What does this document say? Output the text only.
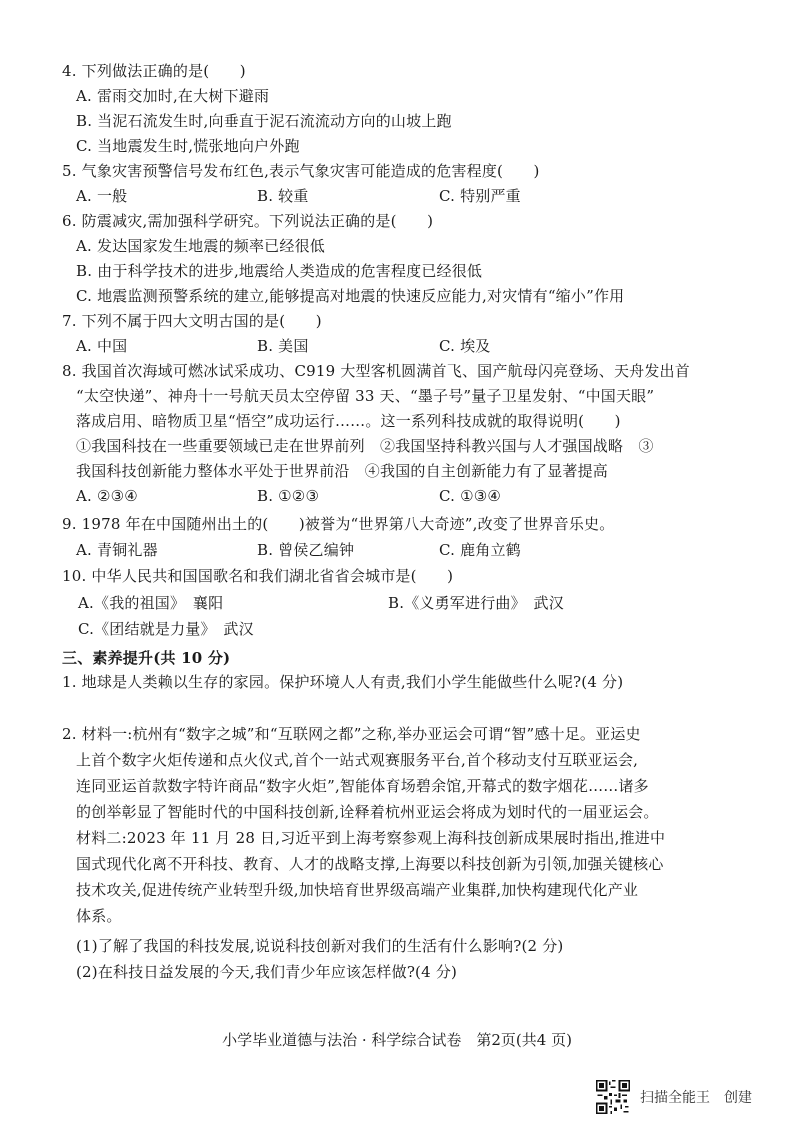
4. 下列做法正确的是(　　)
A. 雷雨交加时,在大树下避雨
B. 当泥石流发生时,向垂直于泥石流流动方向的山坡上跑
C. 当地震发生时,慌张地向户外跑
5. 气象灾害预警信号发布红色,表示气象灾害可能造成的危害程度(　　)
A. 一般	B. 较重	C. 特别严重
6. 防震减灾,需加强科学研究。下列说法正确的是(　　)
A. 发达国家发生地震的频率已经很低
B. 由于科学技术的进步,地震给人类造成的危害程度已经很低
C. 地震监测预警系统的建立,能够提高对地震的快速反应能力,对灾情有“缩小”作用
7. 下列不属于四大文明古国的是(　　)
A. 中国	B. 美国	C. 埃及
8. 我国首次海域可燃冰试采成功、C919 大型客机圆满首飞、国产航母闪亮登场、天舟发出首
“太空快递”、神舟十一号航天员太空停留 33 天、“墨子号”量子卫星发射、“中国天眼”
落成启用、暗物质卫星“悟空”成功运行……。这一系列科技成就的取得说明(　　)
①我国科技在一些重要领域已走在世界前列　②我国坚持科教兴国与人才强国战略　③
我国科技创新能力整体水平处于世界前沿　④我国的自主创新能力有了显著提高
A. ②③④	B. ①②③	C. ①③④
9. 1978 年在中国随州出土的(　　)被誉为“世界第八大奇迹”,改变了世界音乐史。
A. 青铜礼器	B. 曾侯乙编钟	C. 鹿角立鹤
10. 中华人民共和国国歌名和我们湖北省省会城市是(　　)
A.《我的祖国》　襄阳	B.《义勇军进行曲》　武汉
C.《团结就是力量》　武汉
三、素养提升(共 10 分)
1. 地球是人类赖以生存的家园。保护环境人人有责,我们小学生能做些什么呢?(4 分)
2. 材料一:杭州有“数字之城”和“互联网之都”之称,举办亚运会可谓“智”感十足。亚运史
上首个数字火炬传递和点火仪式,首个一站式观赛服务平台,首个移动支付互联亚运会,
连同亚运首款数字特许商品“数字火炬”,智能体育场碧余馆,开幕式的数字烟花……诸多
的创举彰显了智能时代的中国科技创新,诠释着杭州亚运会将成为划时代的一届亚运会。
材料二:2023 年 11 月 28 日,习近平到上海考察参观上海科技创新成果展时指出,推进中
国式现代化离不开科技、教育、人才的战略支撑,上海要以科技创新为引领,加强关键核心
技术攻关,促进传统产业转型升级,加快培育世界级高端产业集群,加快构建现代化产业
体系。
(1)了解了我国的科技发展,说说科技创新对我们的生活有什么影响?(2 分)
(2)在科技日益发展的今天,我们青少年应该怎样做?(4 分)
小学毕业道德与法治 · 科学综合试卷　第2页(共4 页)
扫描全能王　创建
